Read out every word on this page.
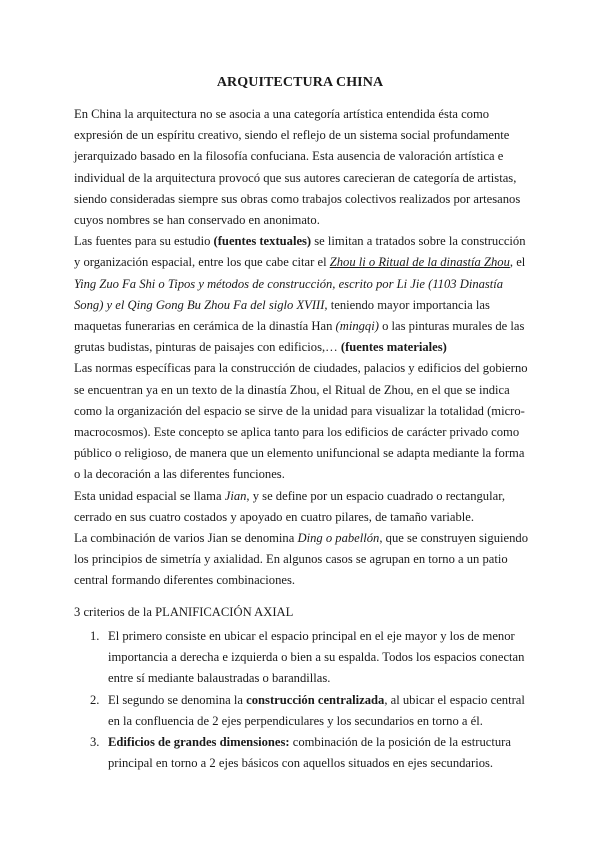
ARQUITECTURA CHINA

En China la arquitectura no se asocia a una categoría artística entendida ésta como expresión de un espíritu creativo, siendo el reflejo de un sistema social profundamente jerarquizado basado en la filosofía confuciana. Esta ausencia de valoración artística e individual de la arquitectura provocó que sus autores carecieran de categoría de artistas, siendo consideradas siempre sus obras como trabajos colectivos realizados por artesanos cuyos nombres se han conservado en anonimato.

Las fuentes para su estudio (fuentes textuales) se limitan a tratados sobre la construcción y organización espacial, entre los que cabe citar el Zhou li o Ritual de la dinastía Zhou, el Ying Zuo Fa Shi o Tipos y métodos de construcción, escrito por Li Jie (1103 Dinastía Song) y el Qing Gong Bu Zhou Fa del siglo XVIII, teniendo mayor importancia las maquetas funerarias en cerámica de la dinastía Han (mingqi) o las pinturas murales de las grutas budistas, pinturas de paisajes con edificios,… (fuentes materiales)

Las normas específicas para la construcción de ciudades, palacios y edificios del gobierno se encuentran ya en un texto de la dinastía Zhou, el Ritual de Zhou, en el que se indica como la organización del espacio se sirve de la unidad para visualizar la totalidad (micro-macrocosmos). Este concepto se aplica tanto para los edificios de carácter privado como público o religioso, de manera que un elemento unifuncional se adapta mediante la forma o la decoración a las diferentes funciones.

Esta unidad espacial se llama Jian, y se define por un espacio cuadrado o rectangular, cerrado en sus cuatro costados y apoyado en cuatro pilares, de tamaño variable.

La combinación de varios Jian se denomina Ding o pabellón, que se construyen siguiendo los principios de simetría y axialidad. En algunos casos se agrupan en torno a un patio central formando diferentes combinaciones.

3 criterios de la PLANIFICACIÓN AXIAL
1. El primero consiste en ubicar el espacio principal en el eje mayor y los de menor importancia a derecha e izquierda o bien a su espalda. Todos los espacios conectan entre sí mediante balaustradas o barandillas.
2. El segundo se denomina la construcción centralizada, al ubicar el espacio central en la confluencia de 2 ejes perpendiculares y los secundarios en torno a él.
3. Edificios de grandes dimensiones: combinación de la posición de la estructura principal en torno a 2 ejes básicos con aquellos situados en ejes secundarios.
